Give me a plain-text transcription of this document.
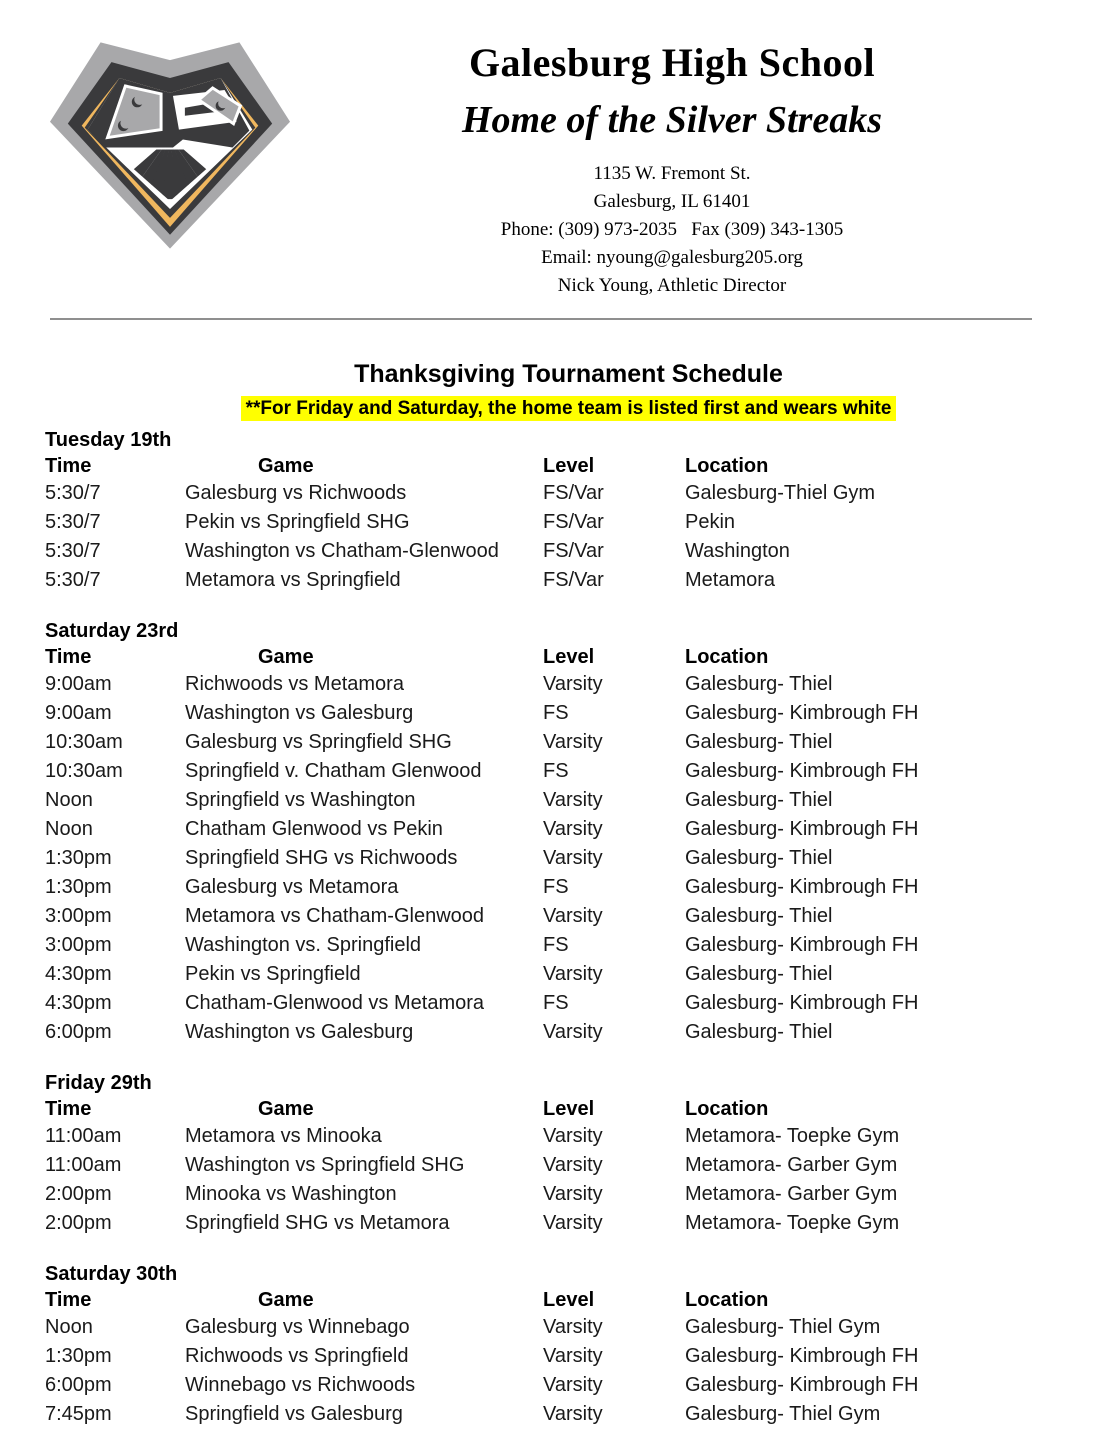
Galesburg High School
Home of the Silver Streaks
1135 W. Fremont St.
Galesburg, IL 61401
Phone: (309) 973-2035   Fax (309) 343-1305
Email: nyoung@galesburg205.org
Nick Young, Athletic Director
Thanksgiving Tournament Schedule
**For Friday and Saturday, the home team is listed first and wears white
Tuesday 19th
Time	Game	Level	Location
5:30/7	Galesburg vs Richwoods	FS/Var	Galesburg-Thiel Gym
5:30/7	Pekin vs Springfield SHG	FS/Var	Pekin
5:30/7	Washington vs Chatham-Glenwood	FS/Var	Washington
5:30/7	Metamora vs Springfield	FS/Var	Metamora
Saturday 23rd
Time	Game	Level	Location
9:00am	Richwoods vs Metamora	Varsity	Galesburg- Thiel
9:00am	Washington vs Galesburg	FS	Galesburg- Kimbrough FH
10:30am	Galesburg vs Springfield SHG	Varsity	Galesburg- Thiel
10:30am	Springfield v. Chatham Glenwood	FS	Galesburg- Kimbrough FH
Noon	Springfield vs Washington	Varsity	Galesburg- Thiel
Noon	Chatham Glenwood vs Pekin	Varsity	Galesburg- Kimbrough FH
1:30pm	Springfield SHG vs Richwoods	Varsity	Galesburg- Thiel
1:30pm	Galesburg vs Metamora	FS	Galesburg- Kimbrough FH
3:00pm	Metamora vs Chatham-Glenwood	Varsity	Galesburg- Thiel
3:00pm	Washington vs. Springfield	FS	Galesburg- Kimbrough FH
4:30pm	Pekin vs Springfield	Varsity	Galesburg- Thiel
4:30pm	Chatham-Glenwood vs Metamora	FS	Galesburg- Kimbrough FH
6:00pm	Washington vs Galesburg	Varsity	Galesburg- Thiel
Friday 29th
Time	Game	Level	Location
11:00am	Metamora vs Minooka	Varsity	Metamora- Toepke Gym
11:00am	Washington vs Springfield SHG	Varsity	Metamora- Garber Gym
2:00pm	Minooka vs Washington	Varsity	Metamora- Garber Gym
2:00pm	Springfield SHG vs Metamora	Varsity	Metamora- Toepke Gym
Saturday 30th
Time	Game	Level	Location
Noon	Galesburg vs Winnebago	Varsity	Galesburg- Thiel Gym
1:30pm	Richwoods vs Springfield	Varsity	Galesburg- Kimbrough FH
6:00pm	Winnebago vs Richwoods	Varsity	Galesburg- Kimbrough FH
7:45pm	Springfield vs Galesburg	Varsity	Galesburg- Thiel Gym
